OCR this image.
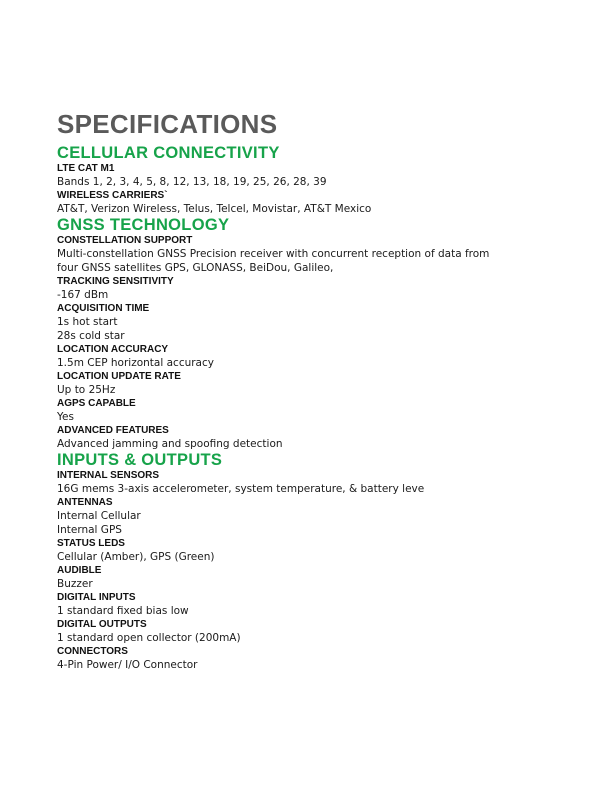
SPECIFICATIONS
CELLULAR CONNECTIVITY
LTE CAT M1
Bands 1, 2, 3, 4, 5, 8, 12, 13, 18, 19, 25, 26, 28, 39
WIRELESS CARRIERS`
AT&T, Verizon Wireless, Telus, Telcel, Movistar, AT&T Mexico
GNSS TECHNOLOGY
CONSTELLATION SUPPORT
Multi-constellation GNSS Precision receiver with concurrent reception of data from
four GNSS satellites GPS, GLONASS, BeiDou, Galileo,
TRACKING SENSITIVITY
-167 dBm
ACQUISITION TIME
1s hot start
28s cold star
LOCATION ACCURACY
1.5m CEP horizontal accuracy
LOCATION UPDATE RATE
Up to 25Hz
AGPS CAPABLE
Yes
ADVANCED FEATURES
Advanced jamming and spoofing detection
INPUTS & OUTPUTS
INTERNAL SENSORS
16G mems 3-axis accelerometer, system temperature, & battery leve
ANTENNAS
Internal Cellular
Internal GPS
STATUS LEDS
Cellular (Amber), GPS (Green)
AUDIBLE
Buzzer
DIGITAL INPUTS
1 standard fixed bias low
DIGITAL OUTPUTS
1 standard open collector (200mA)
CONNECTORS
4-Pin Power/ I/O Connector
